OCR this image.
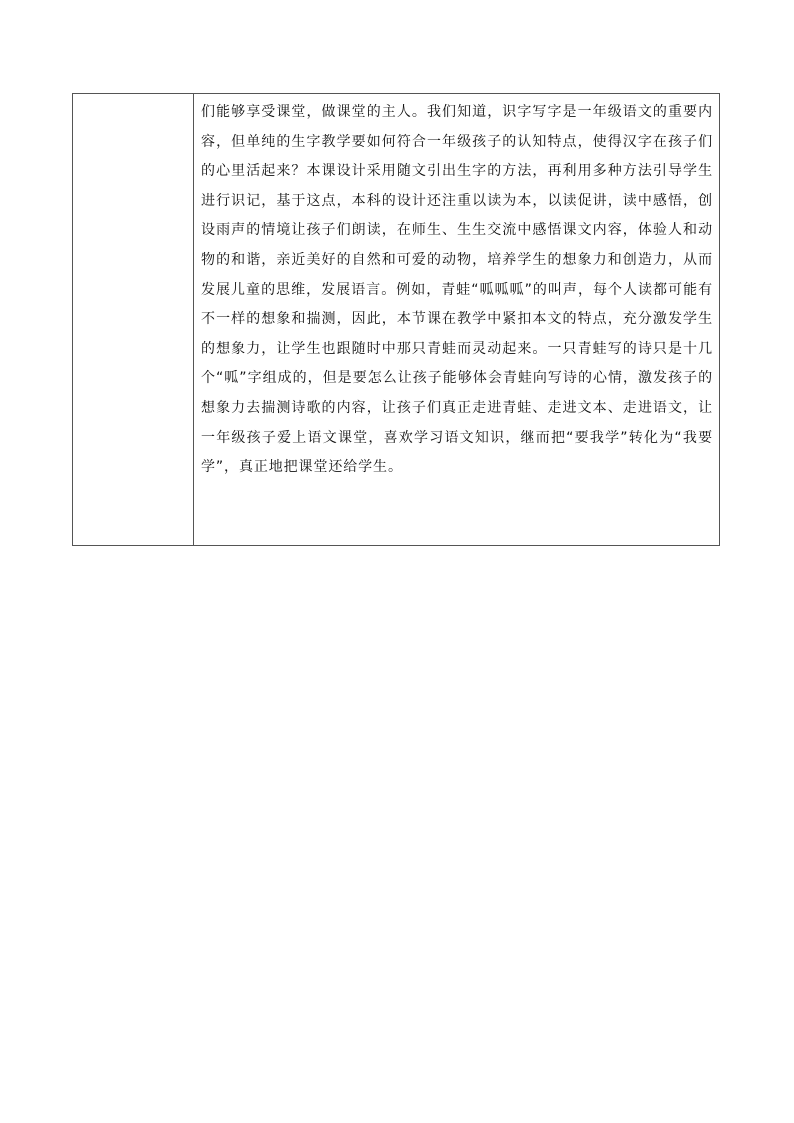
们能够享受课堂，做课堂的主人。我们知道，识字写字是一年级语文的重要内容，但单纯的生字教学要如何符合一年级孩子的认知特点，使得汉字在孩子们的心里活起来？本课设计采用随文引出生字的方法，再利用多种方法引导学生进行识记，基于这点，本科的设计还注重以读为本，以读促讲，读中感悟，创设雨声的情境让孩子们朗读，在师生、生生交流中感悟课文内容，体验人和动物的和谐，亲近美好的自然和可爱的动物，培养学生的想象力和创造力，从而发展儿童的思维，发展语言。例如，青蛙“呱呱呱”的叫声，每个人读都可能有不一样的想象和揣测，因此，本节课在教学中紧扣本文的特点，充分激发学生的想象力，让学生也跟随时中那只青蛙而灵动起来。一只青蛙写的诗只是十几个“呱”字组成的，但是要怎么让孩子能够体会青蛙向写诗的心情，激发孩子的想象力去揣测诗歌的内容，让孩子们真正走进青蛙、走进文本、走进语文，让一年级孩子爱上语文课堂，喜欢学习语文知识，继而把“要我学”转化为“我要学”，真正地把课堂还给学生。
